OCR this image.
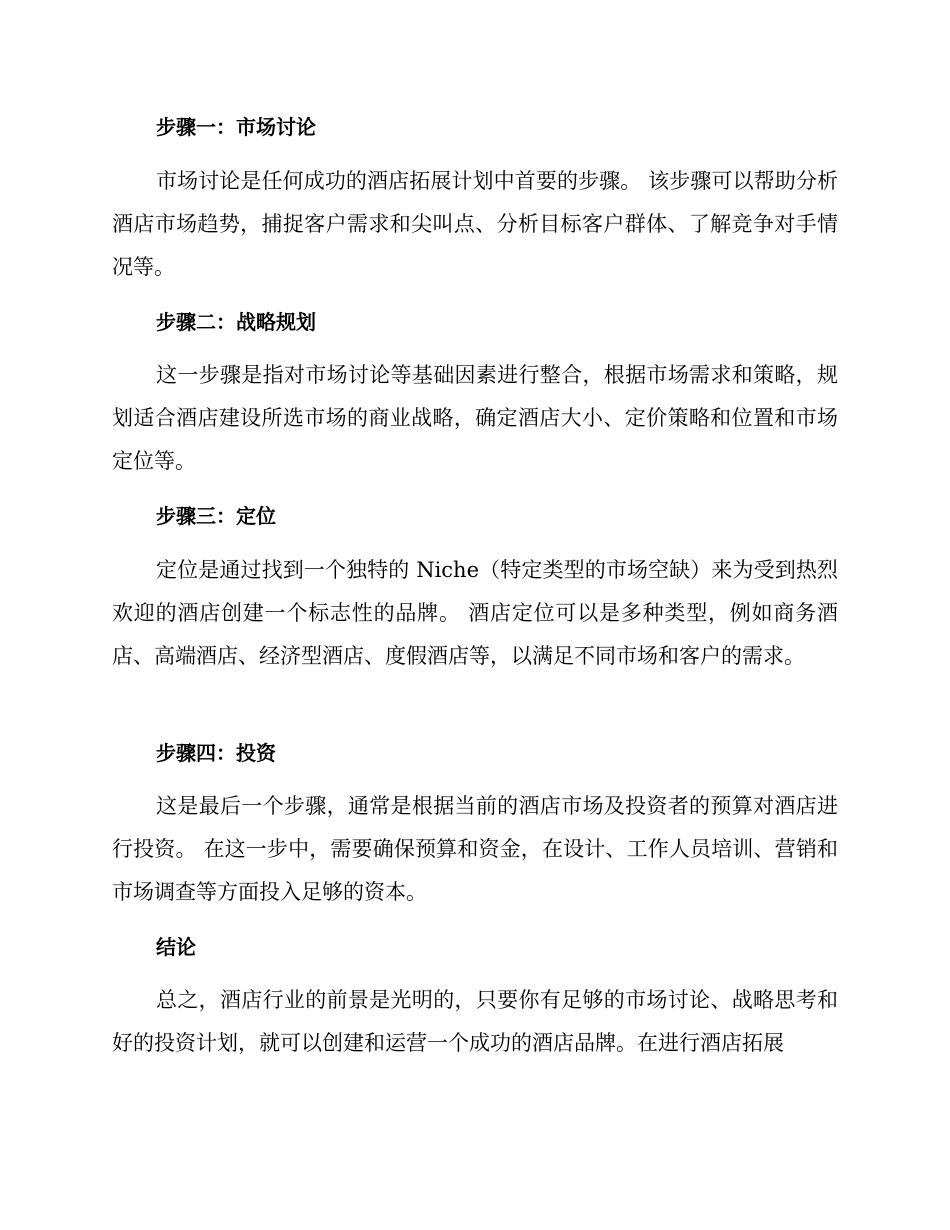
步骤一：市场讨论

市场讨论是任何成功的酒店拓展计划中首要的步骤。 该步骤可以帮助分析酒店市场趋势，捕捉客户需求和尖叫点、分析目标客户群体、了解竞争对手情况等。

步骤二：战略规划

这一步骤是指对市场讨论等基础因素进行整合，根据市场需求和策略，规划适合酒店建设所选市场的商业战略，确定酒店大小、定价策略和位置和市场定位等。

步骤三：定位

定位是通过找到一个独特的 Niche（特定类型的市场空缺）来为受到热烈欢迎的酒店创建一个标志性的品牌。 酒店定位可以是多种类型，例如商务酒店、高端酒店、经济型酒店、度假酒店等，以满足不同市场和客户的需求。

步骤四：投资

这是最后一个步骤，通常是根据当前的酒店市场及投资者的预算对酒店进行投资。 在这一步中，需要确保预算和资金，在设计、工作人员培训、营销和市场调查等方面投入足够的资本。

结论

总之，酒店行业的前景是光明的，只要你有足够的市场讨论、战略思考和好的投资计划，就可以创建和运营一个成功的酒店品牌。在进行酒店拓展
